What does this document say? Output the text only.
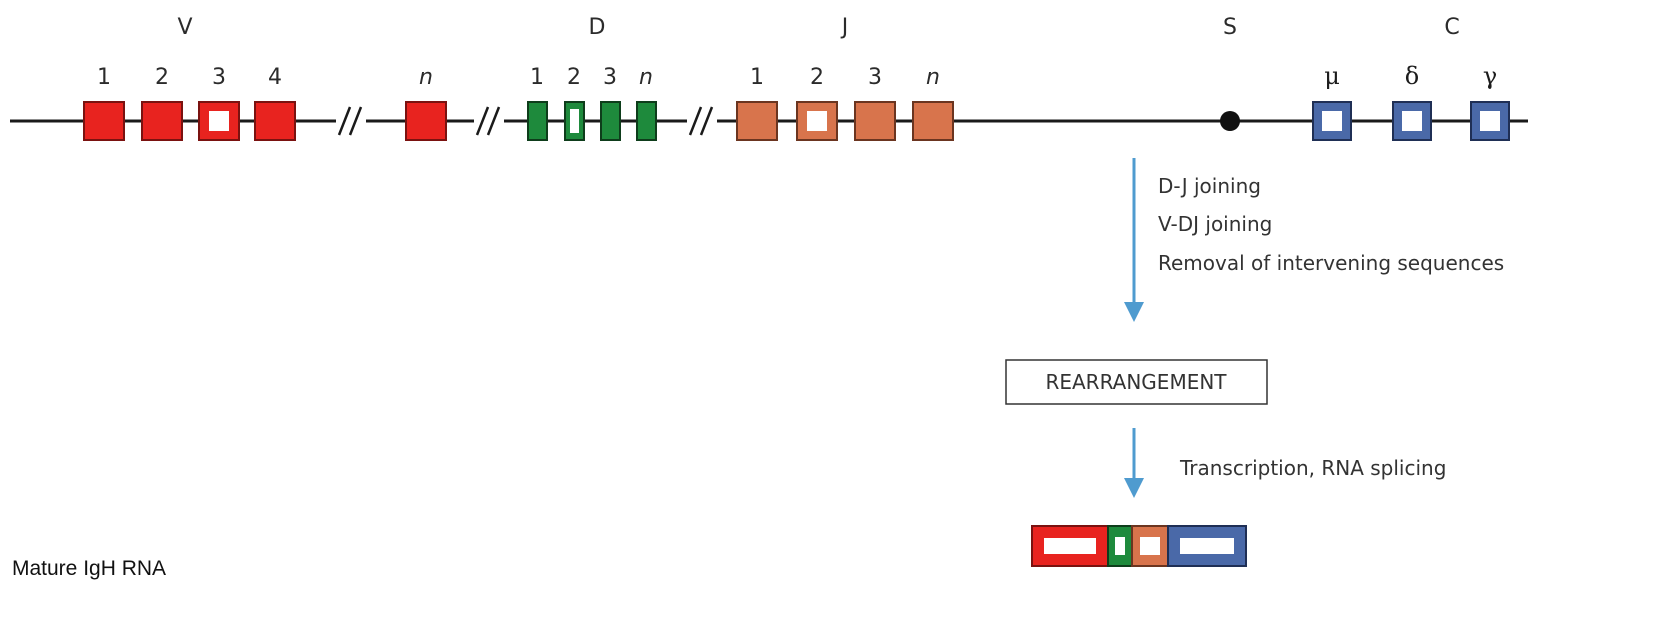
V	D	J	S	C
1 2 3 4	n	1 2 3 n	1 2 3 n	μ	δ	γ
D-J joining
V-DJ joining
Removal of intervening sequences
REARRANGEMENT
Transcription, RNA splicing
Mature IgH RNA
